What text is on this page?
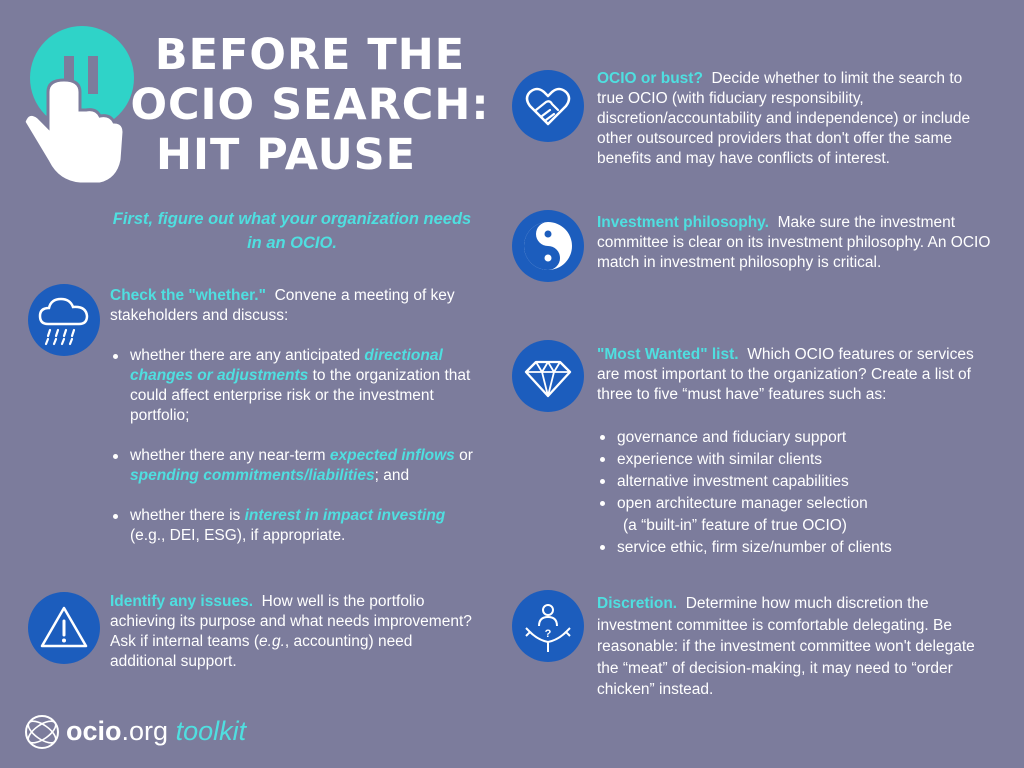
BEFORE THE
OCIO SEARCH:
HIT PAUSE
First, figure out what your organization needs
in an OCIO.
Check the "whether." Convene a meeting of key stakeholders and discuss:
whether there are any anticipated directional changes or adjustments to the organization that could affect enterprise risk or the investment portfolio;
whether there any near-term expected inflows or spending commitments/liabilities; and
whether there is interest in impact investing (e.g., DEI, ESG), if appropriate.
Identify any issues. How well is the portfolio achieving its purpose and what needs improvement? Ask if internal teams (e.g., accounting) need additional support.
OCIO or bust? Decide whether to limit the search to true OCIO (with fiduciary responsibility, discretion/accountability and independence) or include other outsourced providers that don't offer the same benefits and may have conflicts of interest.
Investment philosophy. Make sure the investment committee is clear on its investment philosophy. An OCIO match in investment philosophy is critical.
"Most Wanted" list. Which OCIO features or services are most important to the organization? Create a list of three to five “must have” features such as:
governance and fiduciary support
experience with similar clients
alternative investment capabilities
open architecture manager selection
(a “built-in” feature of true OCIO)
service ethic, firm size/number of clients
?
Discretion. Determine how much discretion the investment committee is comfortable delegating. Be reasonable: if the investment committee won't delegate the “meat” of decision-making, it may need to “order chicken” instead.
ocio.org toolkit
